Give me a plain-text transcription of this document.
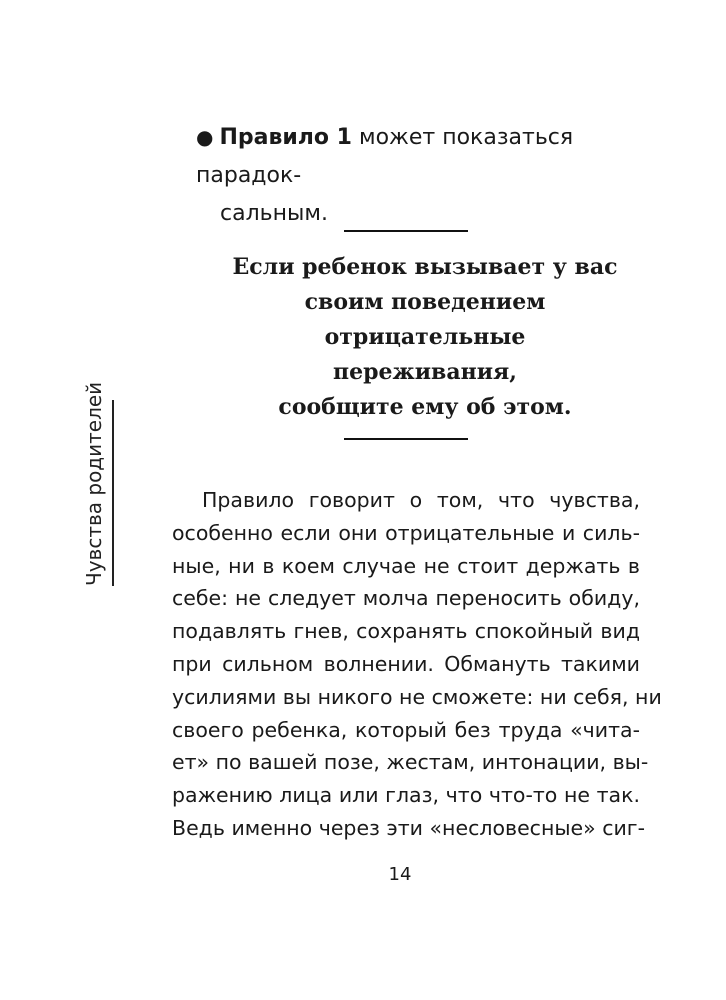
Чувства родителей
● Правило 1 может показаться парадок-
сальным.
Если ребенок вызывает у вас
своим поведением
отрицательные
переживания,
сообщите ему об этом.
Правило говорит о том, что чувства,
особенно если они отрицательные и силь-
ные, ни в коем случае не стоит держать в
себе: не следует молча переносить обиду,
подавлять гнев, сохранять спокойный вид
при сильном волнении. Обмануть такими
усилиями вы никого не сможете: ни себя, ни
своего ребенка, который без труда «чита-
ет» по вашей позе, жестам, интонации, вы-
ражению лица или глаз, что что-то не так.
Ведь именно через эти «несловесные» сиг-
14
